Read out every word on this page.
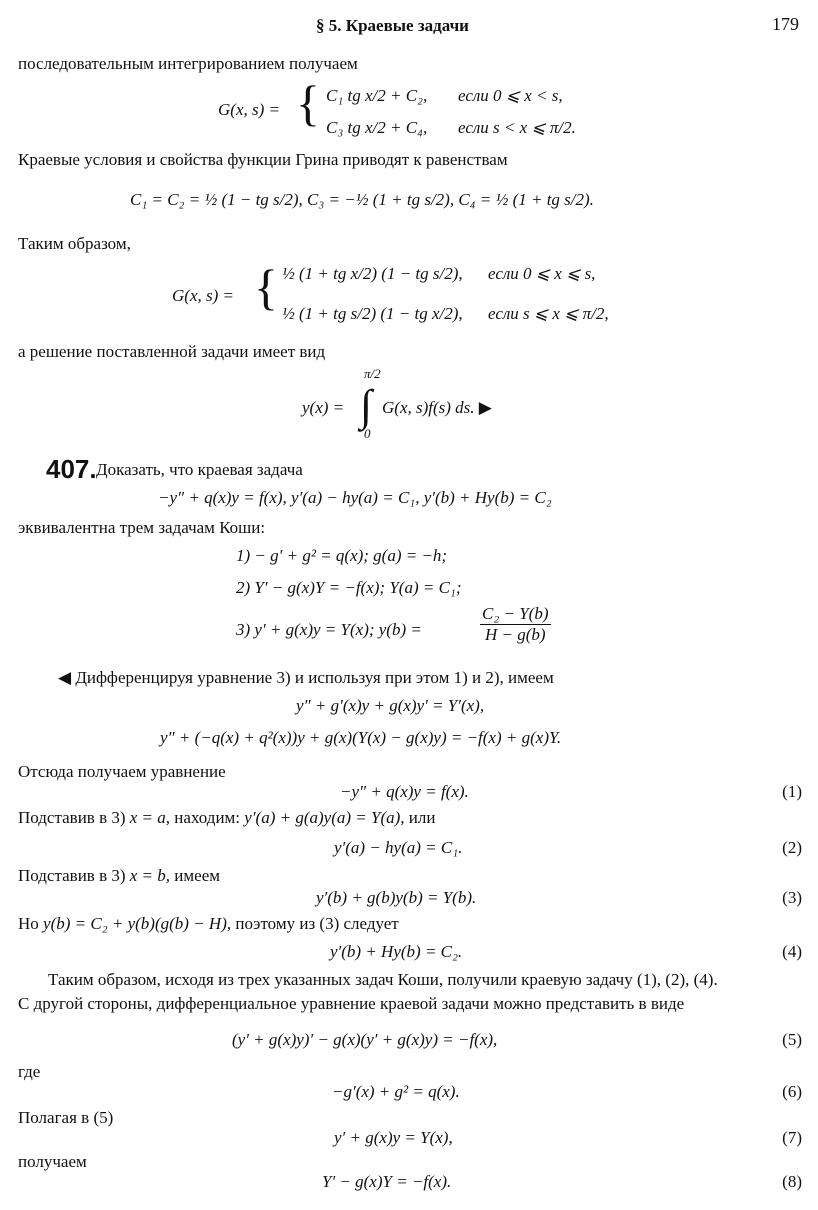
§ 5. Краевые задачи	179
последовательным интегрированием получаем
G(x, s) = { C₁ tg x/2 + C₂, если 0 ⩽ x < s,
C₃ tg x/2 + C₄, если s < x ⩽ π/2.
Краевые условия и свойства функции Грина приводят к равенствам
C₁ = C₂ = ½ (1 − tg s/2), C₃ = −½ (1 + tg s/2), C₄ = ½ (1 + tg s/2).
Таким образом,
G(x, s) = { ½ (1 + tg x/2) (1 − tg s/2), если 0 ⩽ x ⩽ s,
½ (1 + tg s/2) (1 − tg x/2), если s ⩽ x ⩽ π/2,
а решение поставленной задачи имеет вид
y(x) =
π/2
∫
0
G(x, s)f(s) ds. ▶
407. Доказать, что краевая задача
−y″ + q(x)y = f(x), y′(a) − hy(a) = C₁, y′(b) + Hy(b) = C₂
эквивалентна трем задачам Коши:
1) − g′ + g² = q(x); g(a) = −h;
2) Y′ − g(x)Y = −f(x); Y(a) = C₁;
3) y′ + g(x)y = Y(x); y(b) =	$\frac{\text{C₂ − Y(b)}}{H - g(b)}$
◀ Дифференцируя уравнение 3) и используя при этом 1) и 2), имеем
y″ + g′(x)y + g(x)y′ = Y′(x),
y″ + (−q(x) + q²(x))y + g(x)(Y(x) − g(x)y) = −f(x) + g(x)Y.
Отсюда получаем уравнение
−y″ + q(x)y = f(x).	(1)
Подставив в 3) x = a, находим: y′(a) + g(a)y(a) = Y(a), или
y′(a) − hy(a) = C₁.	(2)
Подставив в 3) x = b, имеем
y′(b) + g(b)y(b) = Y(b).	(3)
Но y(b) = C₂ + y(b)(g(b) − H), поэтому из (3) следует
y′(b) + Hy(b) = C₂.	(4)
Таким образом, исходя из трех указанных задач Коши, получили краевую задачу (1), (2), (4).
С другой стороны, дифференциальное уравнение краевой задачи можно представить в виде
(y′ + g(x)y)′ − g(x)(y′ + g(x)y) = −f(x),	(5)
где
−g′(x) + g² = q(x).	(6)
Полагая в (5)
y′ + g(x)y = Y(x),	(7)
получаем
Y′ − g(x)Y = −f(x).	(8)
